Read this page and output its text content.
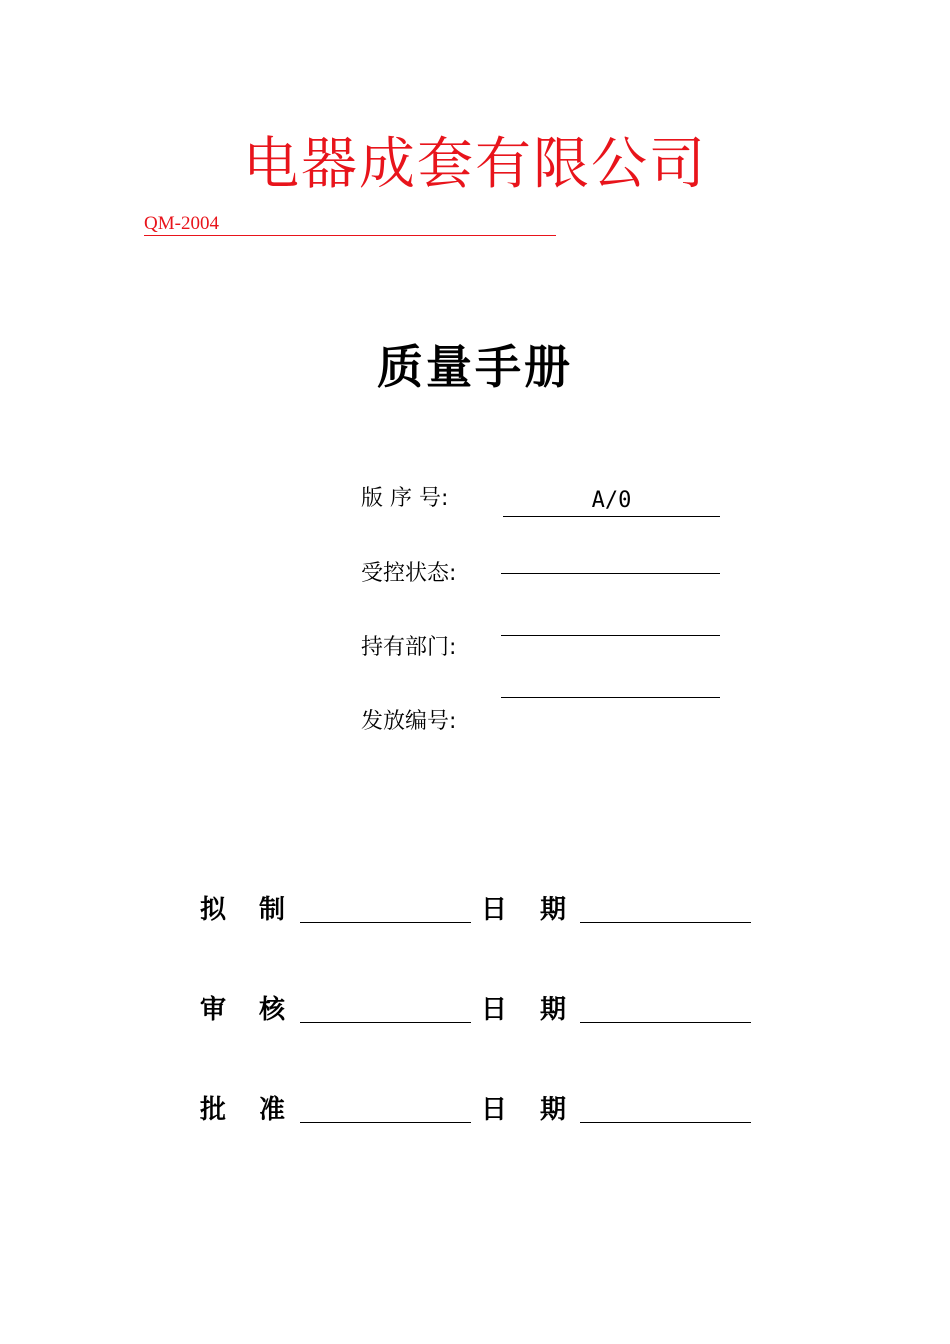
电器成套有限公司
QM-2004
质量手册
版 序 号:	A/0
受控状态:
持有部门:
发放编号:
拟 制	日 期
审 核	日 期
批 准	日 期
